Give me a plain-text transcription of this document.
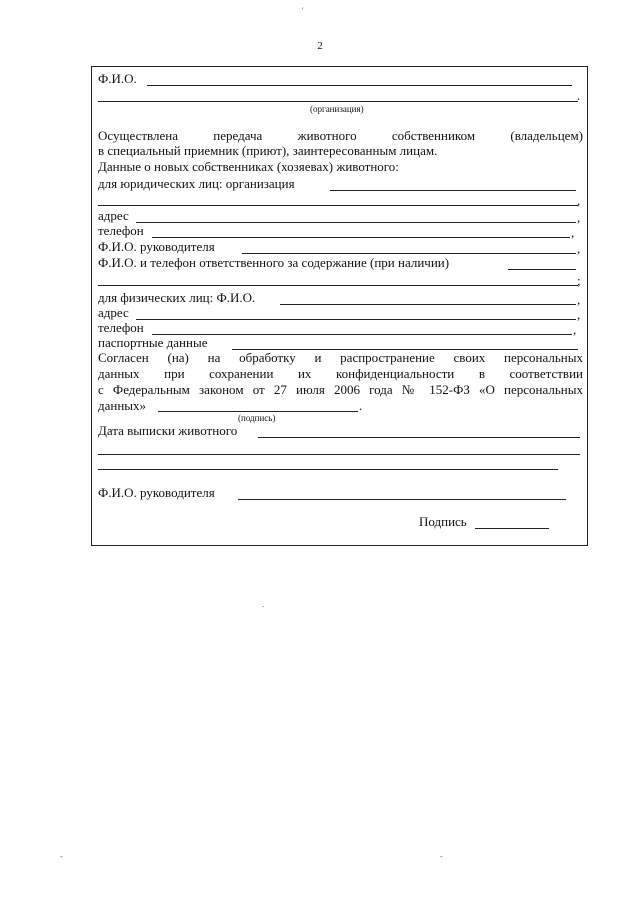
2
'
Ф.И.О.
.
(организация)
Осуществлена передача животного собственником (владельцем)
в специальный приемник (приют), заинтересованным лицам.
Данные о новых собственниках (хозяевах) животного:
для юридических лиц: организация
,
адрес	,
телефон	,
Ф.И.О. руководителя	,
Ф.И.О. и телефон ответственного за содержание (при наличии)
;
для физических лиц: Ф.И.О.	,
адрес	,
телефон	,
паспортные данные
Согласен (на) на обработку и распространение своих персональных
данных при сохранении их конфиденциальности в соответствии
с Федеральным законом от 27 июля 2006 года № 152-ФЗ «О персональных
данных»	.
(подпись)
Дата выписки животного
Ф.И.О. руководителя
Подпись
.
-	-
